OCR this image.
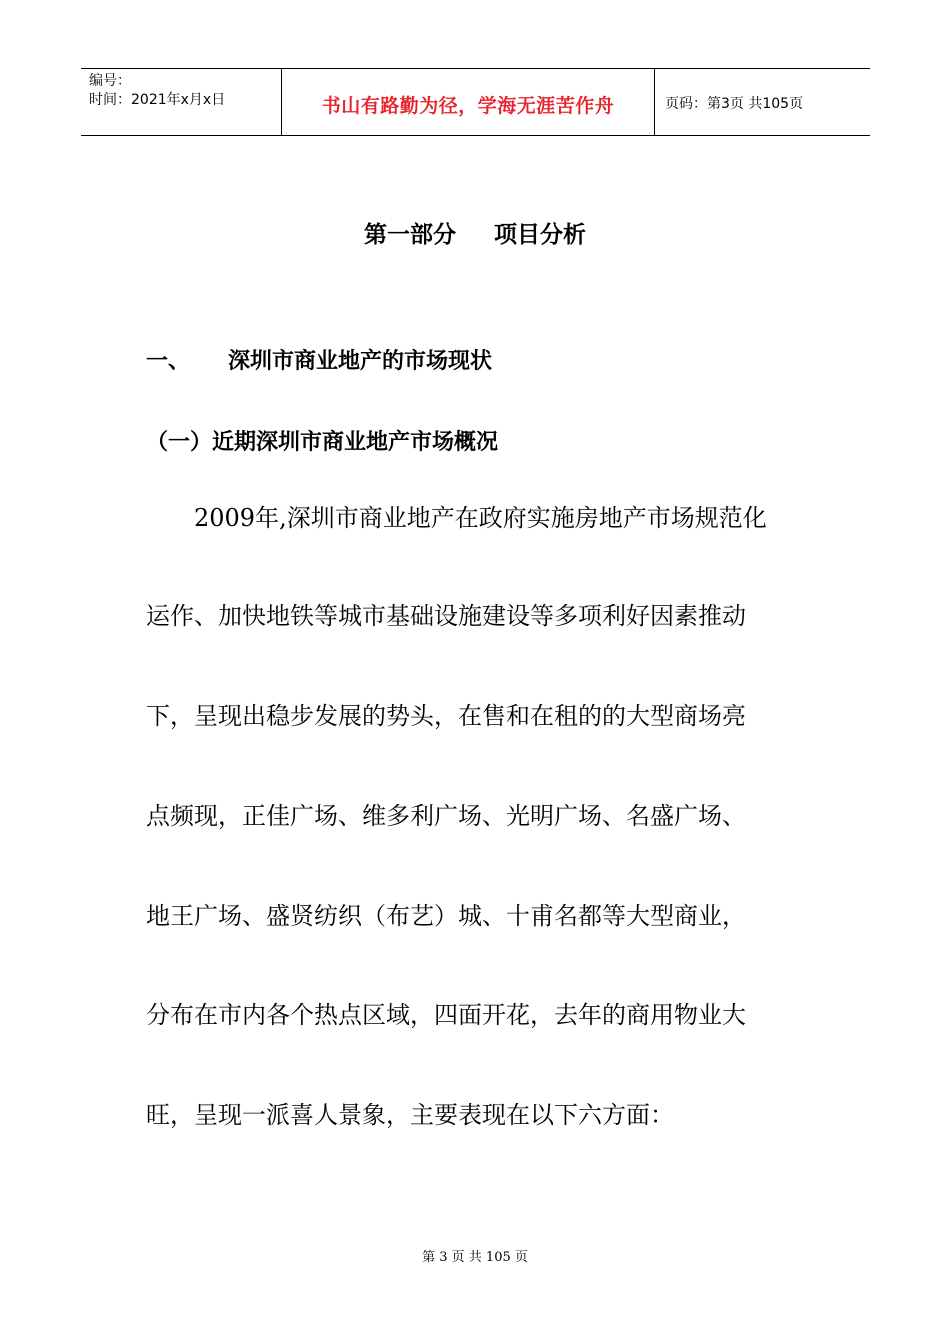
编号：
时间：2021年x月x日	书山有路勤为径，学海无涯苦作舟	页码：第3页 共105页
第一部分 项目分析
一、 深圳市商业地产的市场现状
（一）近期深圳市商业地产市场概况
　　2009年,深圳市商业地产在政府实施房地产市场规范化
运作、加快地铁等城市基础设施建设等多项利好因素推动
下，呈现出稳步发展的势头，在售和在租的的大型商场亮
点频现，正佳广场、维多利广场、光明广场、名盛广场、
地王广场、盛贤纺织（布艺）城、十甫名都等大型商业，
分布在市内各个热点区域，四面开花，去年的商用物业大
旺，呈现一派喜人景象，主要表现在以下六方面：
第 3 页 共 105 页
